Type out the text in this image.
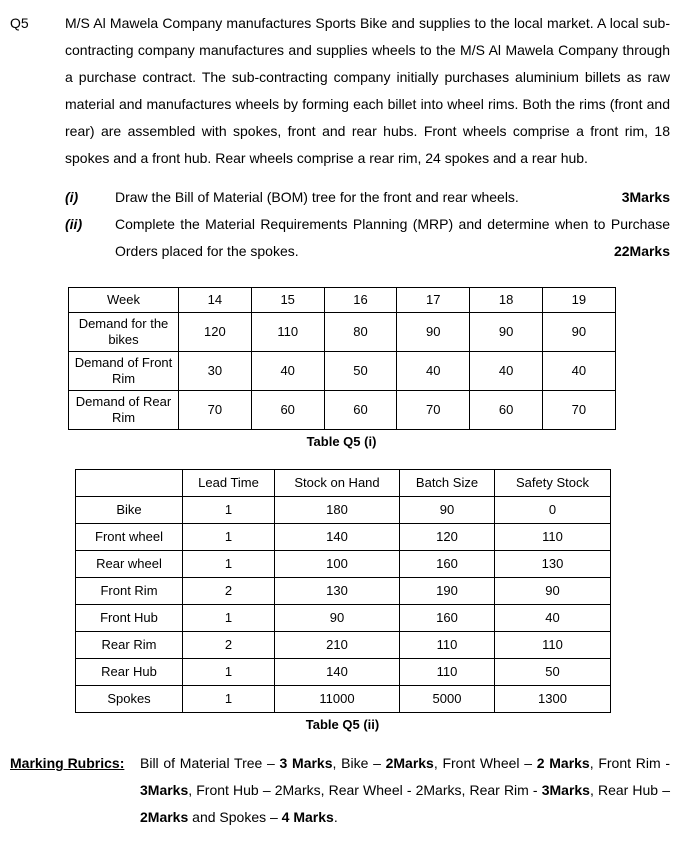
Q5	M/S Al Mawela Company manufactures Sports Bike and supplies to the local market. A local sub-contracting company manufactures and supplies wheels to the M/S Al Mawela Company through a purchase contract. The sub-contracting company initially purchases aluminium billets as raw material and manufactures wheels by forming each billet into wheel rims. Both the rims (front and rear) are assembled with spokes, front and rear hubs. Front wheels comprise a front rim, 18 spokes and a front hub. Rear wheels comprise a rear rim, 24 spokes and a rear hub.
(i)	Draw the Bill of Material (BOM) tree for the front and rear wheels.	3Marks
(ii) Complete the Material Requirements Planning (MRP) and determine when to Purchase Orders placed for the spokes.	22Marks
Week	14	15	16	17	18	19
Demand for the bikes	120	110	80	90	90	90
Demand of Front Rim	30	40	50	40	40	40
Demand of Rear Rim	70	60	60	70	60	70
Table Q5 (i)
	Lead Time	Stock on Hand	Batch Size	Safety Stock
Bike	1	180	90	0
Front wheel	1	140	120	110
Rear wheel	1	100	160	130
Front Rim	2	130	190	90
Front Hub	1	90	160	40
Rear Rim	2	210	110	110
Rear Hub	1	140	110	50
Spokes	1	11000	5000	1300
Table Q5 (ii)
Marking Rubrics: Bill of Material Tree – 3 Marks, Bike – 2Marks, Front Wheel – 2 Marks, Front Rim - 3Marks, Front Hub – 2Marks, Rear Wheel - 2Marks, Rear Rim - 3Marks, Rear Hub – 2Marks and Spokes – 4 Marks.
